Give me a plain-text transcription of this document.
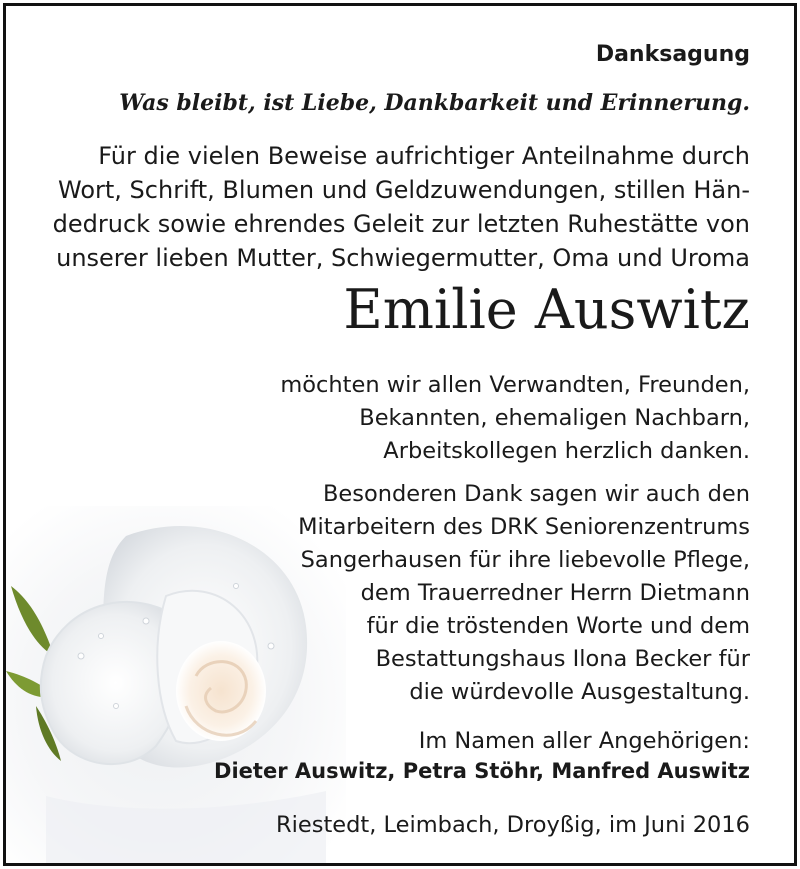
Danksagung
Was bleibt, ist Liebe, Dankbarkeit und Erinnerung.
Für die vielen Beweise aufrichtiger Anteilnahme durch
Wort, Schrift, Blumen und Geldzuwendungen, stillen Hän-
dedruck sowie ehrendes Geleit zur letzten Ruhestätte von
unserer lieben Mutter, Schwiegermutter, Oma und Uroma
Emilie Auswitz
möchten wir allen Verwandten, Freunden,
Bekannten, ehemaligen Nachbarn,
Arbeitskollegen herzlich danken.
Besonderen Dank sagen wir auch den
Mitarbeitern des DRK Seniorenzentrums
Sangerhausen für ihre liebevolle Pflege,
dem Trauerredner Herrn Dietmann
für die tröstenden Worte und dem
Bestattungshaus Ilona Becker für
die würdevolle Ausgestaltung.
Im Namen aller Angehörigen:
Dieter Auswitz, Petra Stöhr, Manfred Auswitz
Riestedt, Leimbach, Droyßig, im Juni 2016
